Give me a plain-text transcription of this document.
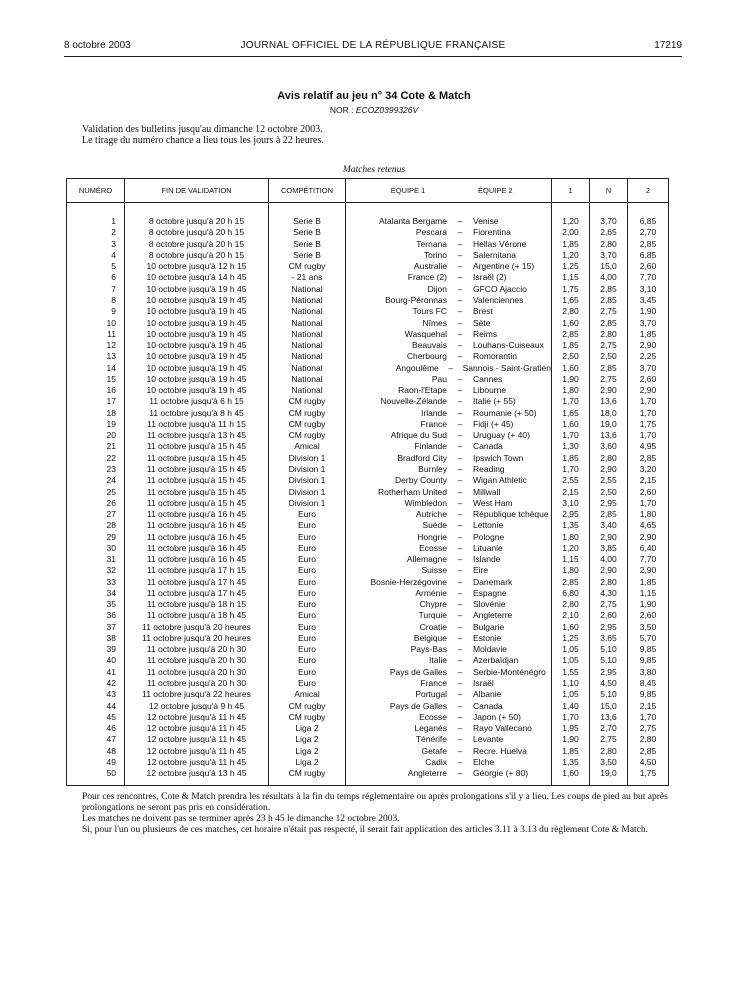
8 octobre 2003	JOURNAL OFFICIEL DE LA RÉPUBLIQUE FRANÇAISE	17219
Avis relatif au jeu n° 34 Cote & Match
NOR : ECOZ0399326V
Validation des bulletins jusqu'au dimanche 12 octobre 2003.
Le tirage du numéro chance a lieu tous les jours à 22 heures.
Matches retenus
NUMÉRO	FIN DE VALIDATION	COMPÉTITION	ÉQUIPE 1 ÉQUIPE 2	1	N	2

1	8 octobre jusqu'à 20 h 15	Serie B	Atalanta Bergame – Venise	1,20	3,70	6,85
2	8 octobre jusqu'à 20 h 15	Serie B	Pescara – Fiorentina	2,00	2,65	2,70
3	8 octobre jusqu'à 20 h 15	Serie B	Ternana – Hellas Vérone	1,85	2,80	2,85
4	8 octobre jusqu'à 20 h 15	Serie B	Torino – Salernitana	1,20	3,70	6,85
5	10 octobre jusqu'à 12 h 15	CM rugby	Australie – Argentine (+ 15)	1,25	15,0	2,60
6	10 octobre jusqu'à 14 h 45	- 21 ans	France (2) – Israël (2)	1,15	4,00	7,70
7	10 octobre jusqu'à 19 h 45	National	Dijon – GFCO Ajaccio	1,75	2,85	3,10
8	10 octobre jusqu'à 19 h 45	National	Bourg-Péronnas – Valenciennes	1,65	2,85	3,45
9	10 octobre jusqu'à 19 h 45	National	Tours FC – Brest	2,80	2,75	1,90
10	10 octobre jusqu'à 19 h 45	National	Nîmes – Sète	1,60	2,85	3,70
11	10 octobre jusqu'à 19 h 45	National	Wasquehal – Reims	2,85	2,80	1,85
12	10 octobre jusqu'à 19 h 45	National	Beauvais – Louhans-Cuiseaux	1,85	2,75	2,90
13	10 octobre jusqu'à 19 h 45	National	Cherbourg – Romorantin	2,50	2,50	2,25
14	10 octobre jusqu'à 19 h 45	National	Angoulême – Sannois - Saint-Gratien	1,60	2,85	3,70
15	10 octobre jusqu'à 19 h 45	National	Pau – Cannes	1,90	2,75	2,60
16	10 octobre jusqu'à 19 h 45	National	Raon-l'Etape – Libourne	1,80	2,90	2,90
17	11 octobre jusqu'à 6 h 15	CM rugby	Nouvelle-Zélande – Italie (+ 55)	1,70	13,6	1,70
18	11 octobre jusqu'à 8 h 45	CM rugby	Irlande – Roumanie (+ 50)	1,65	18,0	1,70
19	11 octobre jusqu'à 11 h 15	CM rugby	France – Fidji (+ 45)	1,60	19,0	1,75
20	11 octobre jusqu'à 13 h 45	CM rugby	Afrique du Sud – Uruguay (+ 40)	1,70	13,6	1,70
21	11 octobre jusqu'à 15 h 45	Amical	Finlande – Canada	1,30	3,60	4,95
22	11 octobre jusqu'à 15 h 45	Division 1	Bradford City – Ipswich Town	1,85	2,80	2,85
23	11 octobre jusqu'à 15 h 45	Division 1	Burnley – Reading	1,70	2,90	3,20
24	11 octobre jusqu'à 15 h 45	Division 1	Derby County – Wigan Athletic	2,55	2,55	2,15
25	11 octobre jusqu'à 15 h 45	Division 1	Rotherham United – Millwall	2,15	2,50	2,60
26	11 octobre jusqu'à 15 h 45	Division 1	Wimbledon – West Ham	3,10	2,95	1,70
27	11 octobre jusqu'à 16 h 45	Euro	Autriche – République tchèque	2,95	2,85	1,80
28	11 octobre jusqu'à 16 h 45	Euro	Suède – Lettonie	1,35	3,40	4,65
29	11 octobre jusqu'à 16 h 45	Euro	Hongrie – Pologne	1,80	2,90	2,90
30	11 octobre jusqu'à 16 h 45	Euro	Ecosse – Lituanie	1,20	3,85	6,40
31	11 octobre jusqu'à 16 h 45	Euro	Allemagne – Islande	1,15	4,00	7,70
32	11 octobre jusqu'à 17 h 15	Euro	Suisse – Eire	1,80	2,90	2,90
33	11 octobre jusqu'à 17 h 45	Euro	Bosnie-Herzégovine – Danemark	2,85	2,80	1,85
34	11 octobre jusqu'à 17 h 45	Euro	Arménie – Espagne	6,80	4,30	1,15
35	11 octobre jusqu'à 18 h 15	Euro	Chypre – Slovénie	2,80	2,75	1,90
36	11 octobre jusqu'à 18 h 45	Euro	Turquie – Angleterre	2,10	2,60	2,60
37	11 octobre jusqu'à 20 heures	Euro	Croatie – Bulgarie	1,60	2,95	3,50
38	11 octobre jusqu'à 20 heures	Euro	Belgique – Estonie	1,25	3,65	5,70
39	11 octobre jusqu'à 20 h 30	Euro	Pays-Bas – Moldavie	1,05	5,10	9,85
40	11 octobre jusqu'à 20 h 30	Euro	Italie – Azerbaïdjan	1,05	5,10	9,85
41	11 octobre jusqu'à 20 h 30	Euro	Pays de Galles – Serbie-Monténégro	1,55	2,95	3,80
42	11 octobre jusqu'à 20 h 30	Euro	France – Israël	1,10	4,50	8,45
43	11 octobre jusqu'à 22 heures	Amical	Portugal – Albanie	1,05	5,10	9,85
44	12 octobre jusqu'à 9 h 45	CM rugby	Pays de Galles – Canada	1,40	15,0	2,15
45	12 octobre jusqu'à 11 h 45	CM rugby	Ecosse – Japon (+ 50)	1,70	13,6	1,70
46	12 octobre jusqu'à 11 h 45	Liga 2	Leganés – Rayo Vallecano	1,95	2,70	2,75
47	12 octobre jusqu'à 11 h 45	Liga 2	Ténérife – Levante	1,90	2,75	2,80
48	12 octobre jusqu'à 11 h 45	Liga 2	Getafe – Recre. Huelva	1,85	2,80	2,85
49	12 octobre jusqu'à 11 h 45	Liga 2	Cadix – Elche	1,35	3,50	4,50
50	12 octobre jusqu'à 13 h 45	CM rugby	Angleterre – Géorgie (+ 80)	1,60	19,0	1,75

Pour ces rencontres, Cote & Match prendra les résultats à la fin du temps réglementaire ou après prolongations s'il y a lieu. Les coups de pied au but après prolongations ne seront pas pris en considération.

Les matches ne doivent pas se terminer après 23 h 45 le dimanche 12 octobre 2003.

Si, pour l'un ou plusieurs de ces matches, cet horaire n'était pas respecté, il serait fait application des articles 3.11 à 3.13 du règlement Cote & Match.
